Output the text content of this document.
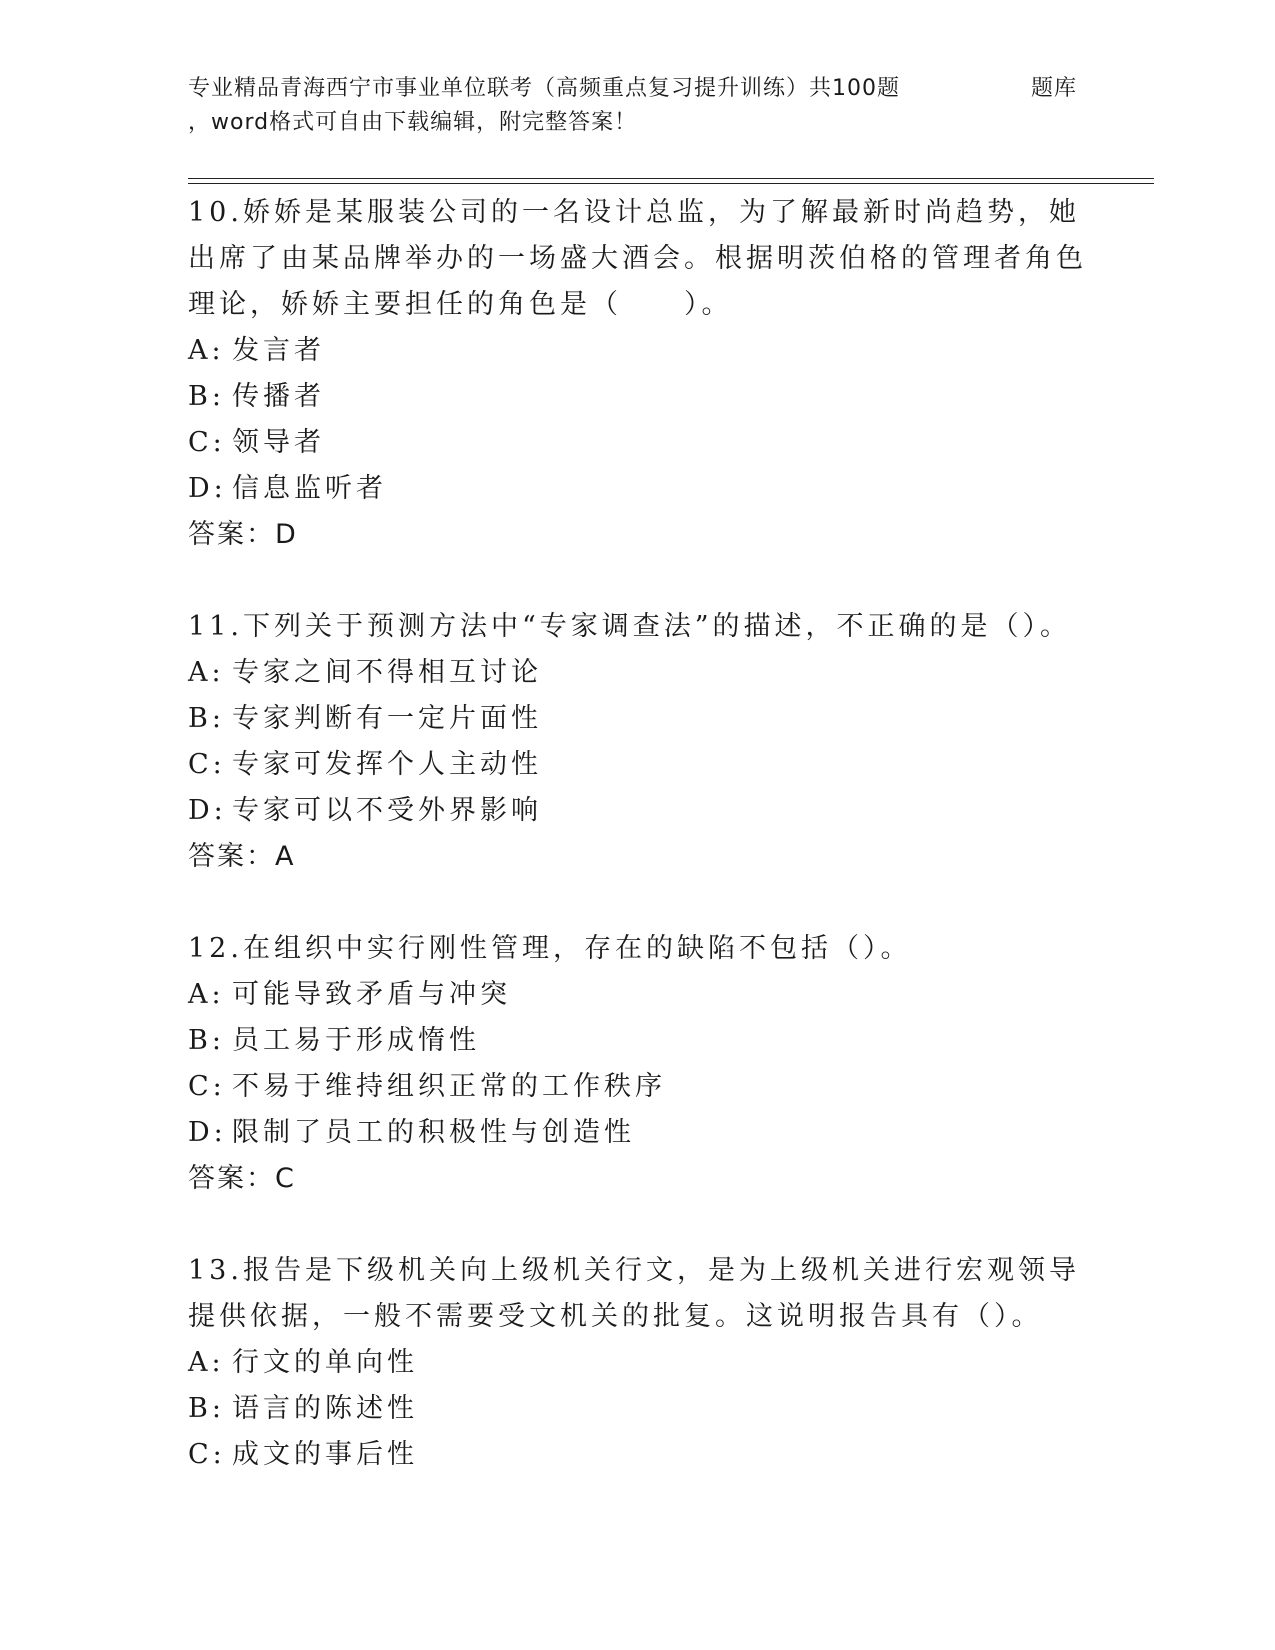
专业精品青海西宁市事业单位联考（高频重点复习提升训练）共100题	题库
，word格式可自由下载编辑，附完整答案！
10.娇娇是某服装公司的一名设计总监，为了解最新时尚趋势，她出席了由某品牌举办的一场盛大酒会。根据明茨伯格的管理者角色理论，娇娇主要担任的角色是（　　）。
A: 发言者
B: 传播者
C: 领导者
D: 信息监听者
答案：D
11.下列关于预测方法中“专家调查法”的描述，不正确的是（）。
A: 专家之间不得相互讨论
B: 专家判断有一定片面性
C: 专家可发挥个人主动性
D: 专家可以不受外界影响
答案：A
12.在组织中实行刚性管理，存在的缺陷不包括（）。
A: 可能导致矛盾与冲突
B: 员工易于形成惰性
C: 不易于维持组织正常的工作秩序
D: 限制了员工的积极性与创造性
答案：C
13.报告是下级机关向上级机关行文，是为上级机关进行宏观领导提供依据，一般不需要受文机关的批复。这说明报告具有（）。
A: 行文的单向性
B: 语言的陈述性
C: 成文的事后性
